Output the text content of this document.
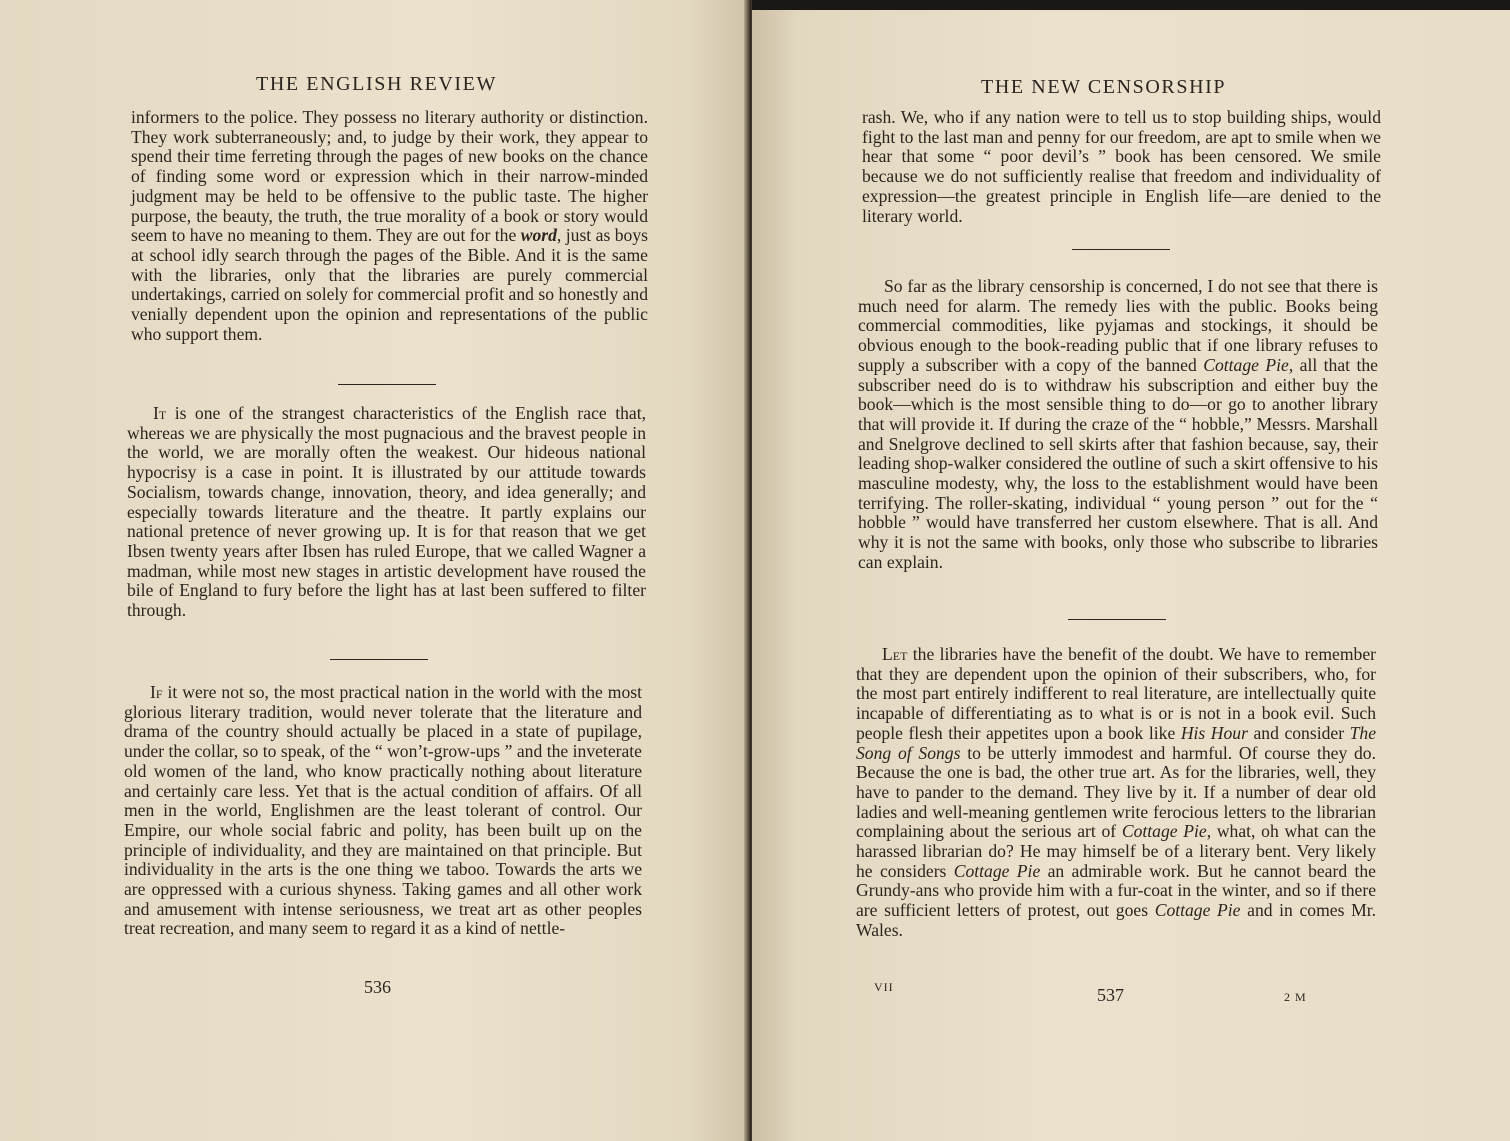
THE ENGLISH REVIEW

informers to the police. They possess no literary authority or distinction. They work subterraneously; and, to judge by their work, they appear to spend their time ferreting through the pages of new books on the chance of finding some word or expression which in their narrow-minded judgment may be held to be offensive to the public taste. The higher purpose, the beauty, the truth, the true morality of a book or story would seem to have no meaning to them. They are out for the word, just as boys at school idly search through the pages of the Bible. And it is the same with the libraries, only that the libraries are purely commercial undertakings, carried on solely for commercial profit and so honestly and venially dependent upon the opinion and representations of the public who support them.

It is one of the strangest characteristics of the English race that, whereas we are physically the most pugnacious and the bravest people in the world, we are morally often the weakest. Our hideous national hypocrisy is a case in point. It is illustrated by our attitude towards Socialism, towards change, innovation, theory, and idea generally; and especially towards literature and the theatre. It partly explains our national pretence of never growing up. It is for that reason that we get Ibsen twenty years after Ibsen has ruled Europe, that we called Wagner a madman, while most new stages in artistic development have roused the bile of England to fury before the light has at last been suffered to filter through.

If it were not so, the most practical nation in the world with the most glorious literary tradition, would never tolerate that the literature and drama of the country should actually be placed in a state of pupilage, under the collar, so to speak, of the “ won’t-grow-ups ” and the inveterate old women of the land, who know practically nothing about literature and certainly care less. Yet that is the actual condition of affairs. Of all men in the world, Englishmen are the least tolerant of control. Our Empire, our whole social fabric and polity, has been built up on the principle of individuality, and they are maintained on that principle. But individuality in the arts is the one thing we taboo. Towards the arts we are oppressed with a curious shyness. Taking games and all other work and amusement with intense seriousness, we treat art as other peoples treat recreation, and many seem to regard it as a kind of nettle-

536
THE NEW CENSORSHIP

rash. We, who if any nation were to tell us to stop building ships, would fight to the last man and penny for our freedom, are apt to smile when we hear that some “ poor devil’s ” book has been censored. We smile because we do not sufficiently realise that freedom and individuality of expression—the greatest principle in English life—are denied to the literary world.

So far as the library censorship is concerned, I do not see that there is much need for alarm. The remedy lies with the public. Books being commercial commodities, like pyjamas and stockings, it should be obvious enough to the book-reading public that if one library refuses to supply a subscriber with a copy of the banned Cottage Pie, all that the subscriber need do is to withdraw his subscription and either buy the book—which is the most sensible thing to do—or go to another library that will provide it. If during the craze of the “ hobble,” Messrs. Marshall and Snelgrove declined to sell skirts after that fashion because, say, their leading shop-walker considered the outline of such a skirt offensive to his masculine modesty, why, the loss to the establishment would have been terrifying. The roller-skating, individual “ young person ” out for the “ hobble ” would have transferred her custom elsewhere. That is all. And why it is not the same with books, only those who subscribe to libraries can explain.

Let the libraries have the benefit of the doubt. We have to remember that they are dependent upon the opinion of their subscribers, who, for the most part entirely indifferent to real literature, are intellectually quite incapable of differentiating as to what is or is not in a book evil. Such people flesh their appetites upon a book like His Hour and consider The Song of Songs to be utterly immodest and harmful. Of course they do. Because the one is bad, the other true art. As for the libraries, well, they have to pander to the demand. They live by it. If a number of dear old ladies and well-meaning gentlemen write ferocious letters to the librarian complaining about the serious art of Cottage Pie, what, oh what can the harassed librarian do? He may himself be of a literary bent. Very likely he considers Cottage Pie an admirable work. But he cannot beard the Grundy-ans who provide him with a fur-coat in the winter, and so if there are sufficient letters of protest, out goes Cottage Pie and in comes Mr. Wales.

VII	537	2 M
